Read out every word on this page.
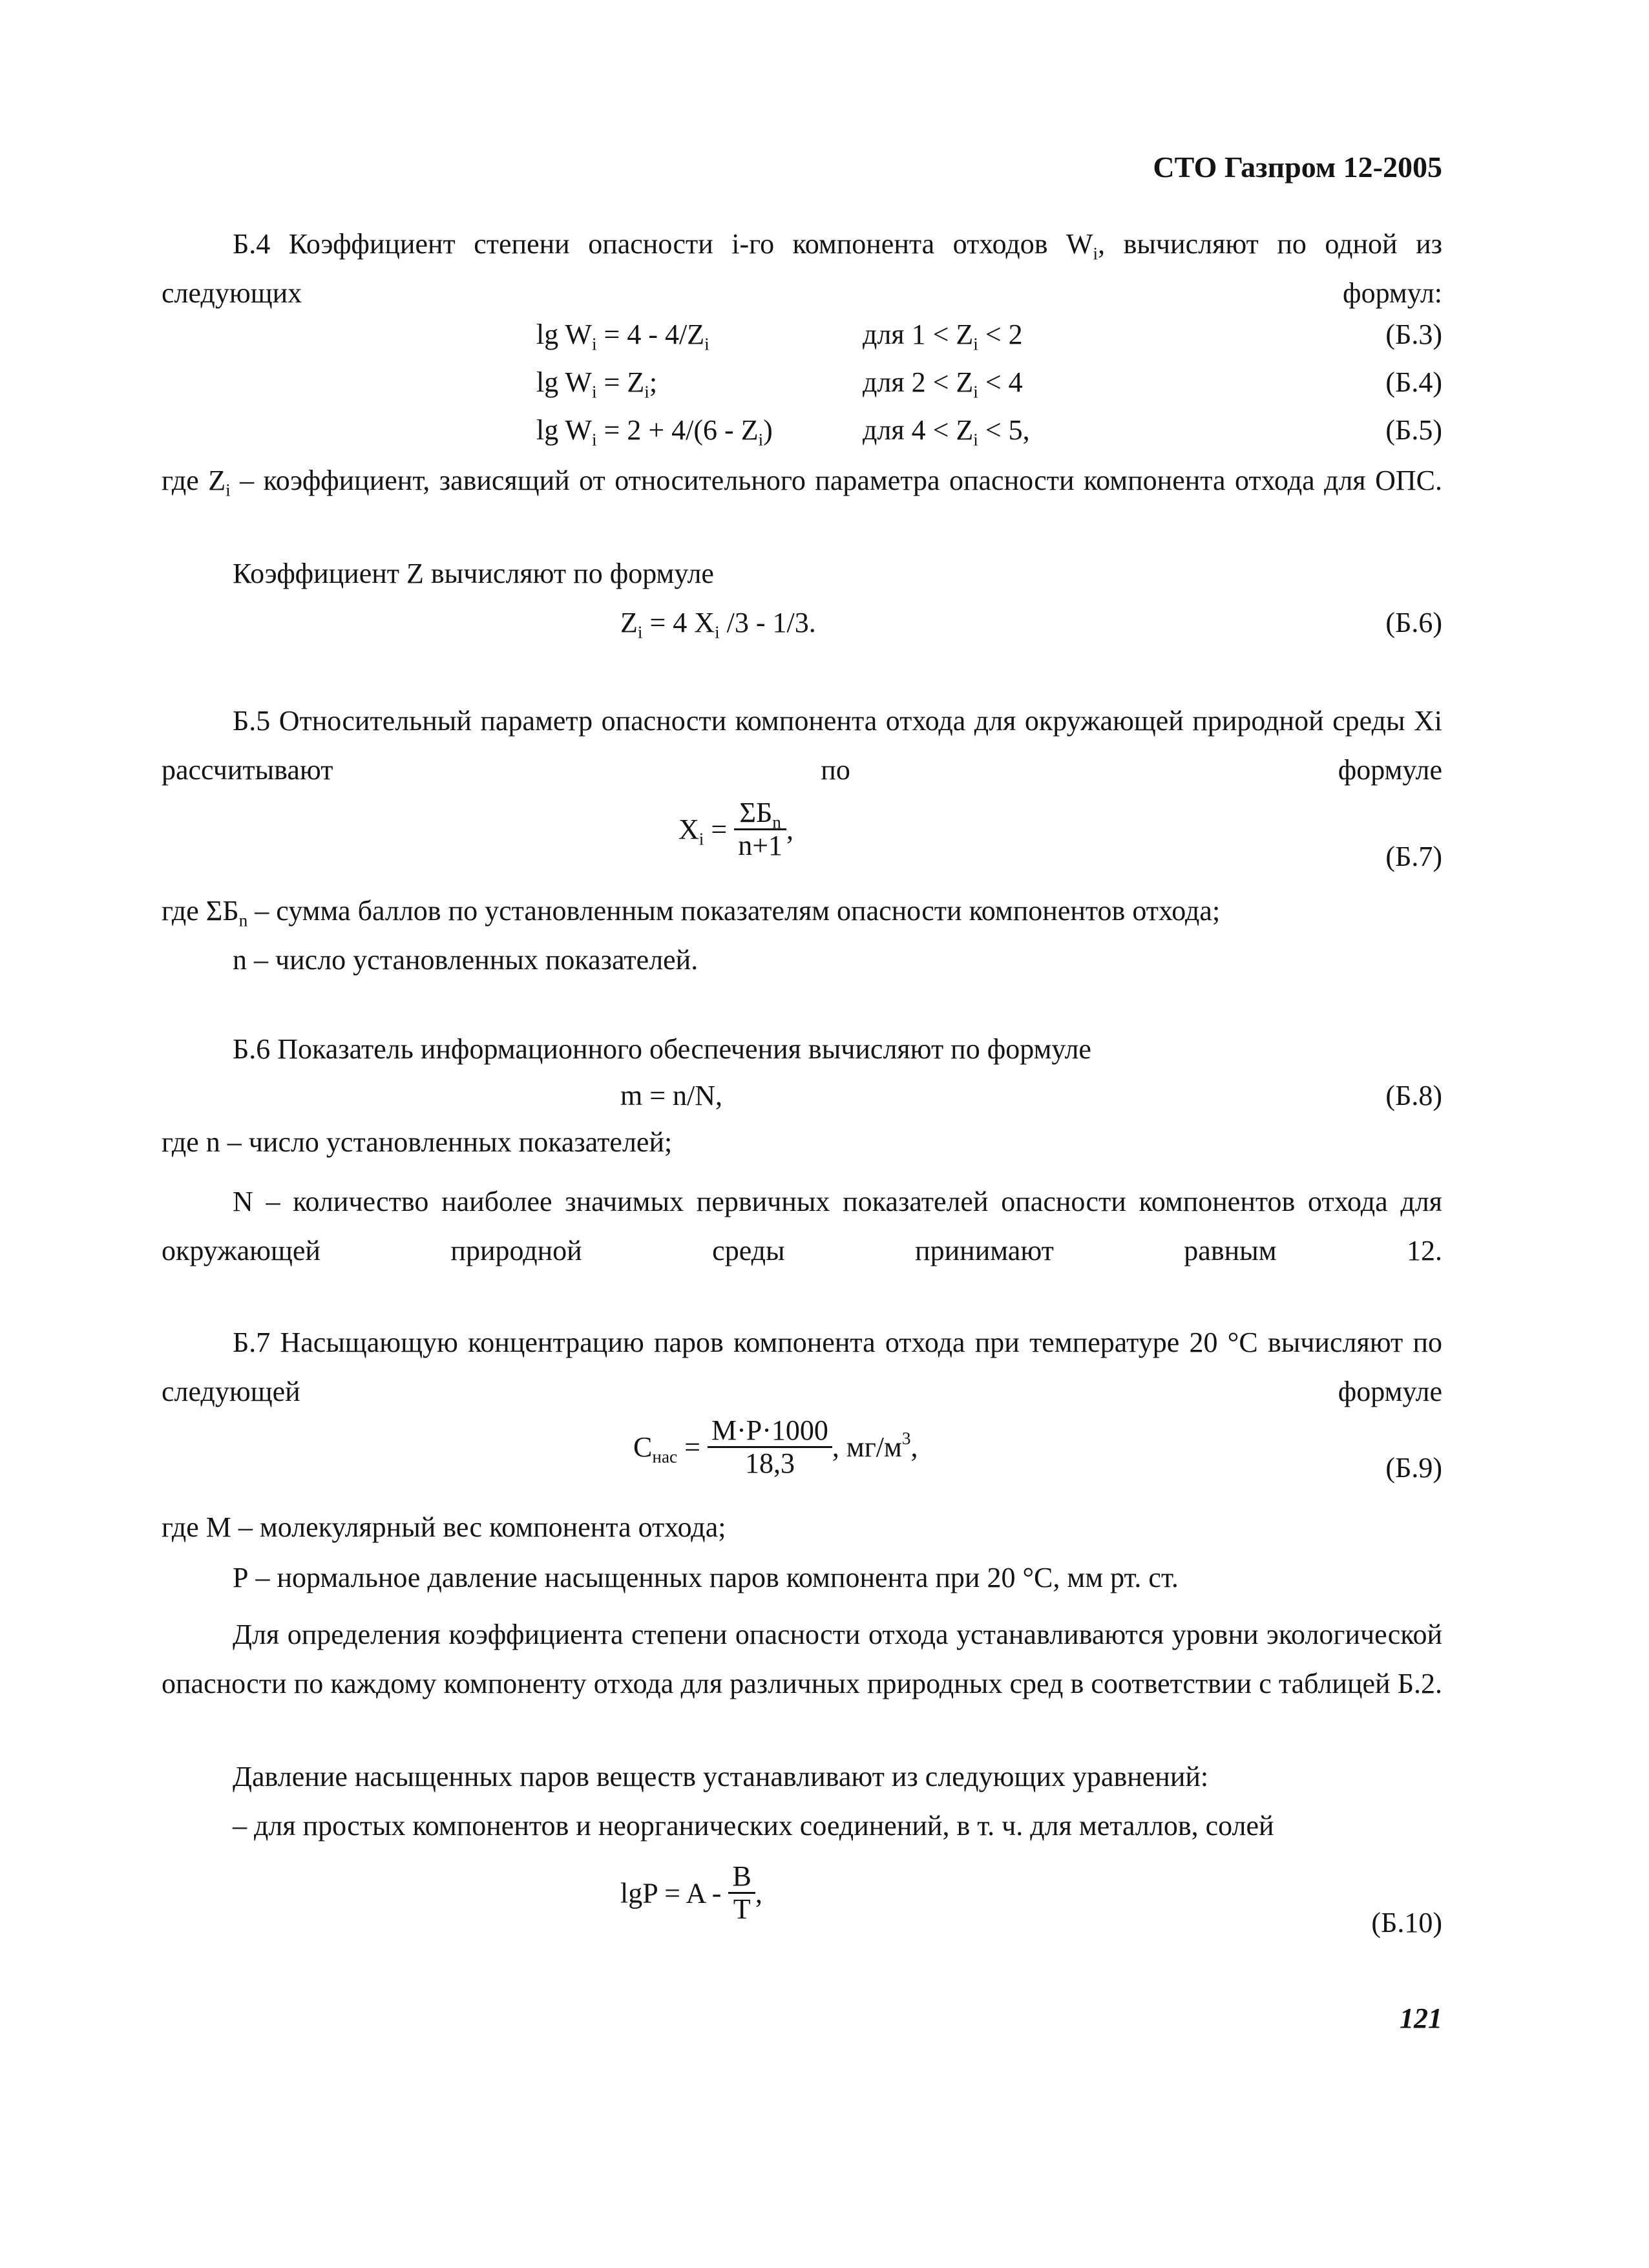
СТО Газпром 12-2005
Б.4 Коэффициент степени опасности i-го компонента отходов $W_i$, вычисляют по одной из следующих формул:
$\lg W_i = 4 - 4/Z_i$	для $1 < Z_i < 2$	(Б.3)
$\lg W_i = Z_i$;	для $2 < Z_i < 4$	(Б.4)
$\lg W_i = 2 + 4/(6 - Z_i)$	для $4 < Z_i < 5$,	(Б.5)
где $Z_i$ – коэффициент, зависящий от относительного параметра опасности компонента отхода для ОПС.
Коэффициент Z вычисляют по формуле
$Z_i = 4$ $X_i$ /3 - 1/3.	(Б.6)
Б.5 Относительный параметр опасности компонента отхода для окружающей природной среды Xi рассчитывают по формуле
$X_i = \frac{\Sigma Б_n}{n+1}$ ,
(Б.7)
где $\Sigma Б_n$ – сумма баллов по установленным показателям опасности компонентов отхода;
n – число установленных показателей.
Б.6 Показатель информационного обеспечения вычисляют по формуле
m = n/N,	(Б.8)
где n – число установленных показателей;
N – количество наиболее значимых первичных показателей опасности компонентов отхода для окружающей природной среды принимают равным 12.
Б.7 Насыщающую концентрацию паров компонента отхода при температуре 20 °С вычисляют по следующей формуле
$C_{нас} = \frac{M\cdot P\cdot 1000}{18,3}$ , $мг/м^3$,
(Б.9)
где М – молекулярный вес компонента отхода;
Р – нормальное давление насыщенных паров компонента при 20 °С, мм рт. ст.
Для определения коэффициента степени опасности отхода устанавливаются уровни экологической опасности по каждому компоненту отхода для различных природных сред в соответствии с таблицей Б.2.
Давление насыщенных паров веществ устанавливают из следующих уравнений:
– для простых компонентов и неорганических соединений, в т. ч. для металлов, солей
$\lg P = A - \frac{B}{T}$ ,
(Б.10)
121
